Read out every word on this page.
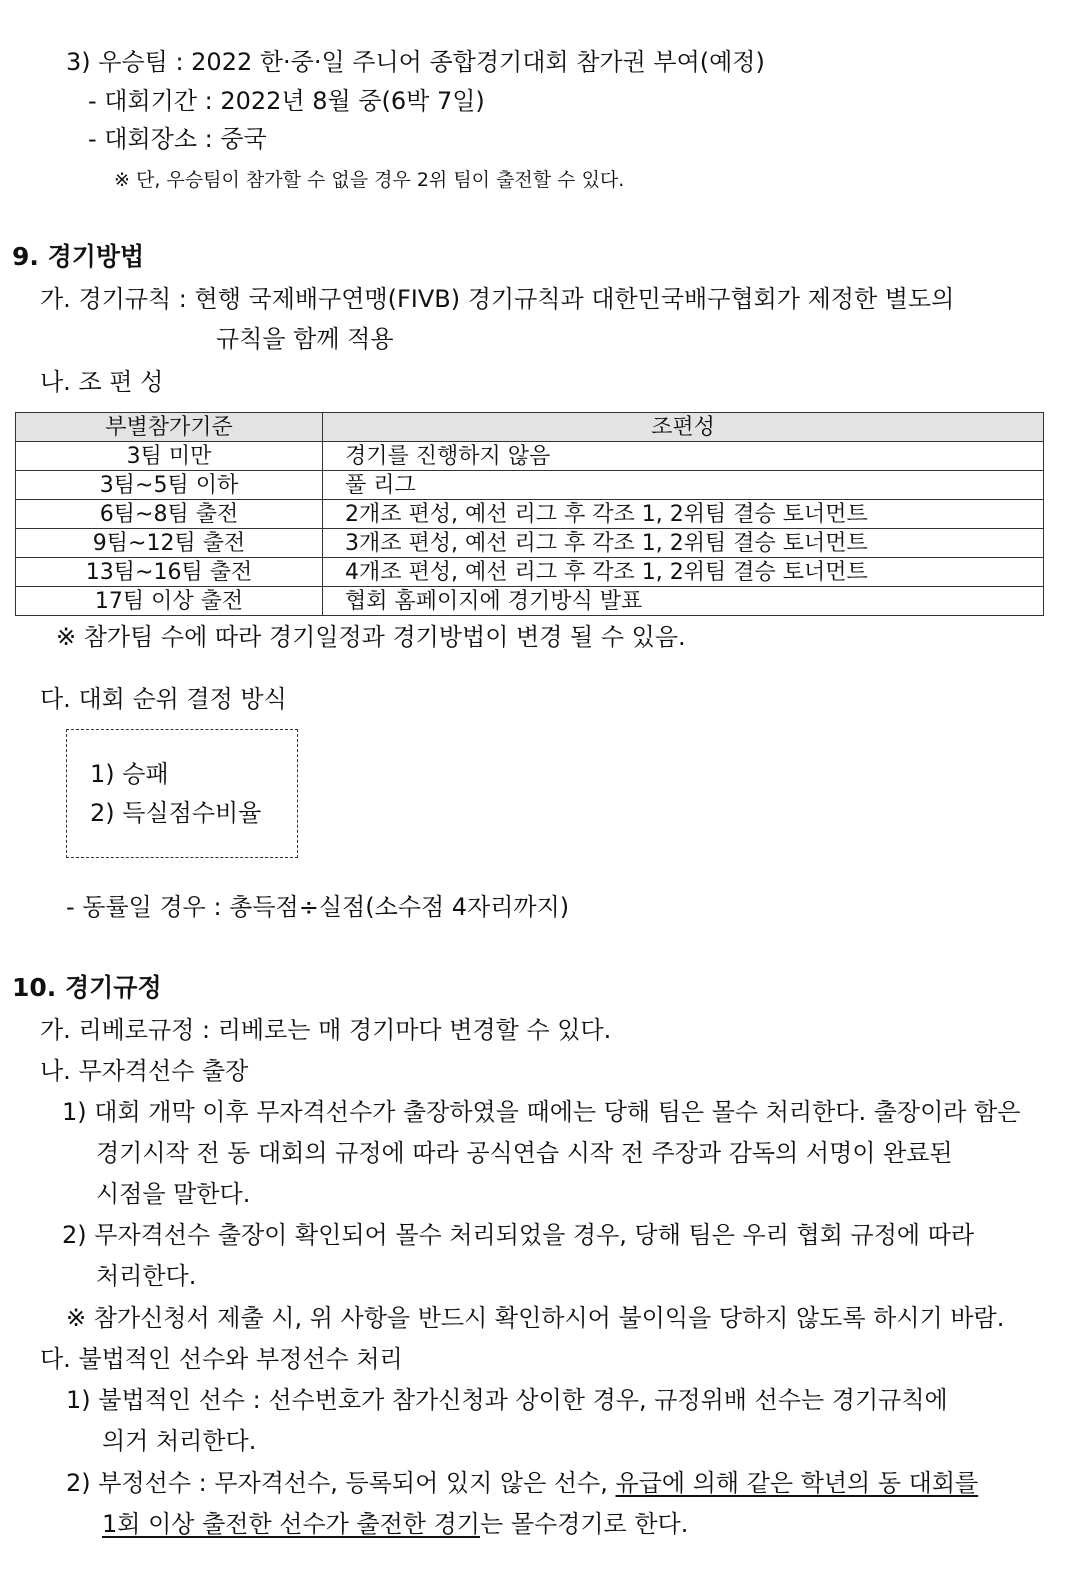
3) 우승팀 : 2022 한·중·일 주니어 종합경기대회 참가권 부여(예정)
- 대회기간 : 2022년 8월 중(6박 7일)
- 대회장소 : 중국
※ 단, 우승팀이 참가할 수 없을 경우 2위 팀이 출전할 수 있다.
9. 경기방법
가. 경기규칙 : 현행 국제배구연맹(FIVB) 경기규칙과 대한민국배구협회가 제정한 별도의
규칙을 함께 적용
나. 조 편 성
부별참가기준	조편성
3팀 미만	경기를 진행하지 않음
3팀~5팀 이하	풀 리그
6팀~8팀 출전	2개조 편성, 예선 리그 후 각조 1, 2위팀 결승 토너먼트
9팀~12팀 출전	3개조 편성, 예선 리그 후 각조 1, 2위팀 결승 토너먼트
13팀~16팀 출전	4개조 편성, 예선 리그 후 각조 1, 2위팀 결승 토너먼트
17팀 이상 출전	협회 홈페이지에 경기방식 발표
※ 참가팀 수에 따라 경기일정과 경기방법이 변경 될 수 있음.
다. 대회 순위 결정 방식
1) 승패
2) 득실점수비율
- 동률일 경우 : 총득점÷실점(소수점 4자리까지)
10. 경기규정
가. 리베로규정 : 리베로는 매 경기마다 변경할 수 있다.
나. 무자격선수 출장
1) 대회 개막 이후 무자격선수가 출장하였을 때에는 당해 팀은 몰수 처리한다. 출장이라 함은
경기시작 전 동 대회의 규정에 따라 공식연습 시작 전 주장과 감독의 서명이 완료된
시점을 말한다.
2) 무자격선수 출장이 확인되어 몰수 처리되었을 경우, 당해 팀은 우리 협회 규정에 따라
처리한다.
※ 참가신청서 제출 시, 위 사항을 반드시 확인하시어 불이익을 당하지 않도록 하시기 바람.
다. 불법적인 선수와 부정선수 처리
1) 불법적인 선수 : 선수번호가 참가신청과 상이한 경우, 규정위배 선수는 경기규칙에
의거 처리한다.
2) 부정선수 : 무자격선수, 등록되어 있지 않은 선수, 유급에 의해 같은 학년의 동 대회를
1회 이상 출전한 선수가 출전한 경기는 몰수경기로 한다.
